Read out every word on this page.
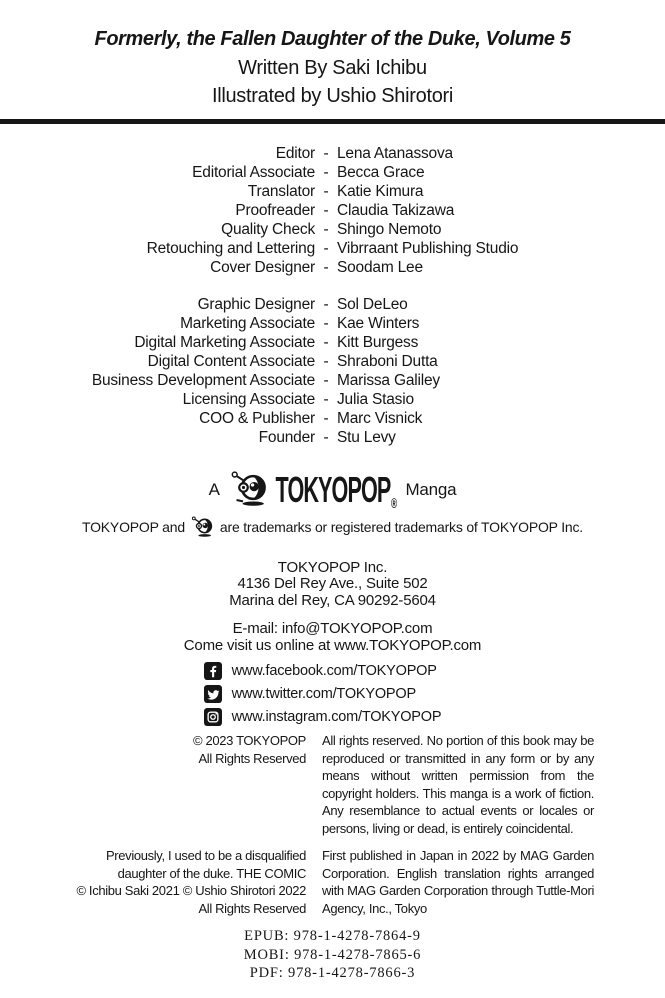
Formerly, the Fallen Daughter of the Duke, Volume 5
Written By Saki Ichibu
Illustrated by Ushio Shirotori
Editor - Lena Atanassova
Editorial Associate - Becca Grace
Translator - Katie Kimura
Proofreader - Claudia Takizawa
Quality Check - Shingo Nemoto
Retouching and Lettering - Vibrraant Publishing Studio
Cover Designer - Soodam Lee
Graphic Designer - Sol DeLeo
Marketing Associate - Kae Winters
Digital Marketing Associate - Kitt Burgess
Digital Content Associate - Shraboni Dutta
Business Development Associate - Marissa Galiley
Licensing Associate - Julia Stasio
COO & Publisher - Marc Visnick
Founder - Stu Levy
A TOKYOPOP®
Manga
TOKYOPOP and	are trademarks or registered trademarks of TOKYOPOP Inc.
TOKYOPOP Inc.
4136 Del Rey Ave., Suite 502
Marina del Rey, CA 90292-5604
E-mail: info@TOKYOPOP.com
Come visit us online at www.TOKYOPOP.com
www.facebook.com/TOKYOPOP
www.twitter.com/TOKYOPOP
www.instagram.com/TOKYOPOP
© 2023 TOKYOPOP
All Rights Reserved
All rights reserved. No portion of this book may be reproduced or transmitted in any form or by any means without written permission from the copyright holders. This manga is a work of fiction. Any resemblance to actual events or locales or persons, living or dead, is entirely coincidental.
Previously, I used to be a disqualified daughter of the duke. THE COMIC
© Ichibu Saki 2021 © Ushio Shirotori 2022
All Rights Reserved
First published in Japan in 2022 by MAG Garden Corporation. English translation rights arranged with MAG Garden Corporation through Tuttle-Mori Agency, Inc., Tokyo
EPUB: 978-1-4278-7864-9
MOBI: 978-1-4278-7865-6
PDF: 978-1-4278-7866-3
